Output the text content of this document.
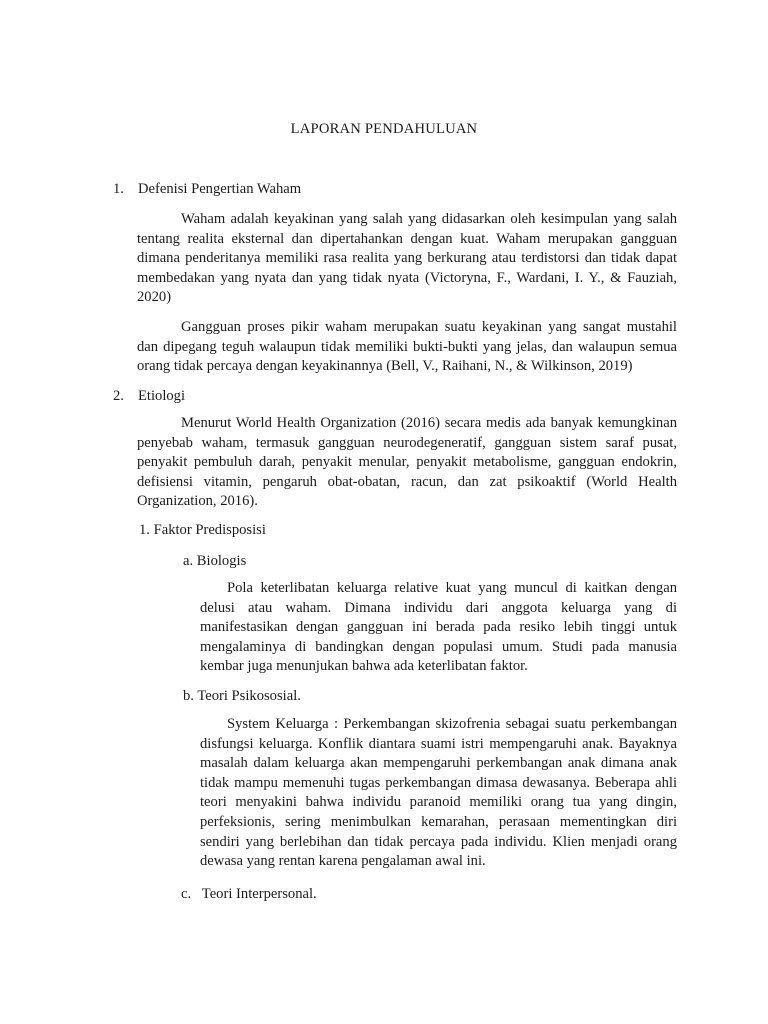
LAPORAN PENDAHULUAN

1. Defenisi Pengertian Waham

Waham adalah keyakinan yang salah yang didasarkan oleh kesimpulan yang salah tentang realita eksternal dan dipertahankan dengan kuat. Waham merupakan gangguan dimana penderitanya memiliki rasa realita yang berkurang atau terdistorsi dan tidak dapat membedakan yang nyata dan yang tidak nyata (Victoryna, F., Wardani, I. Y., & Fauziah, 2020)

Gangguan proses pikir waham merupakan suatu keyakinan yang sangat mustahil dan dipegang teguh walaupun tidak memiliki bukti-bukti yang jelas, dan walaupun semua orang tidak percaya dengan keyakinannya (Bell, V., Raihani, N., & Wilkinson, 2019)

2. Etiologi

Menurut World Health Organization (2016) secara medis ada banyak kemungkinan penyebab waham, termasuk gangguan neurodegeneratif, gangguan sistem saraf pusat, penyakit pembuluh darah, penyakit menular, penyakit metabolisme, gangguan endokrin, defisiensi vitamin, pengaruh obat-obatan, racun, dan zat psikoaktif (World Health Organization, 2016).

1. Faktor Predisposisi

a. Biologis

Pola keterlibatan keluarga relative kuat yang muncul di kaitkan dengan delusi atau waham. Dimana individu dari anggota keluarga yang di manifestasikan dengan gangguan ini berada pada resiko lebih tinggi untuk mengalaminya di bandingkan dengan populasi umum. Studi pada manusia kembar juga menunjukan bahwa ada keterlibatan faktor.

b. Teori Psikososial.

System Keluarga : Perkembangan skizofrenia sebagai suatu perkembangan disfungsi keluarga. Konflik diantara suami istri mempengaruhi anak. Bayaknya masalah dalam keluarga akan mempengaruhi perkembangan anak dimana anak tidak mampu memenuhi tugas perkembangan dimasa dewasanya. Beberapa ahli teori menyakini bahwa individu paranoid memiliki orang tua yang dingin, perfeksionis, sering menimbulkan kemarahan, perasaan mementingkan diri sendiri yang berlebihan dan tidak percaya pada individu. Klien menjadi orang dewasa yang rentan karena pengalaman awal ini.

c.   Teori Interpersonal.
